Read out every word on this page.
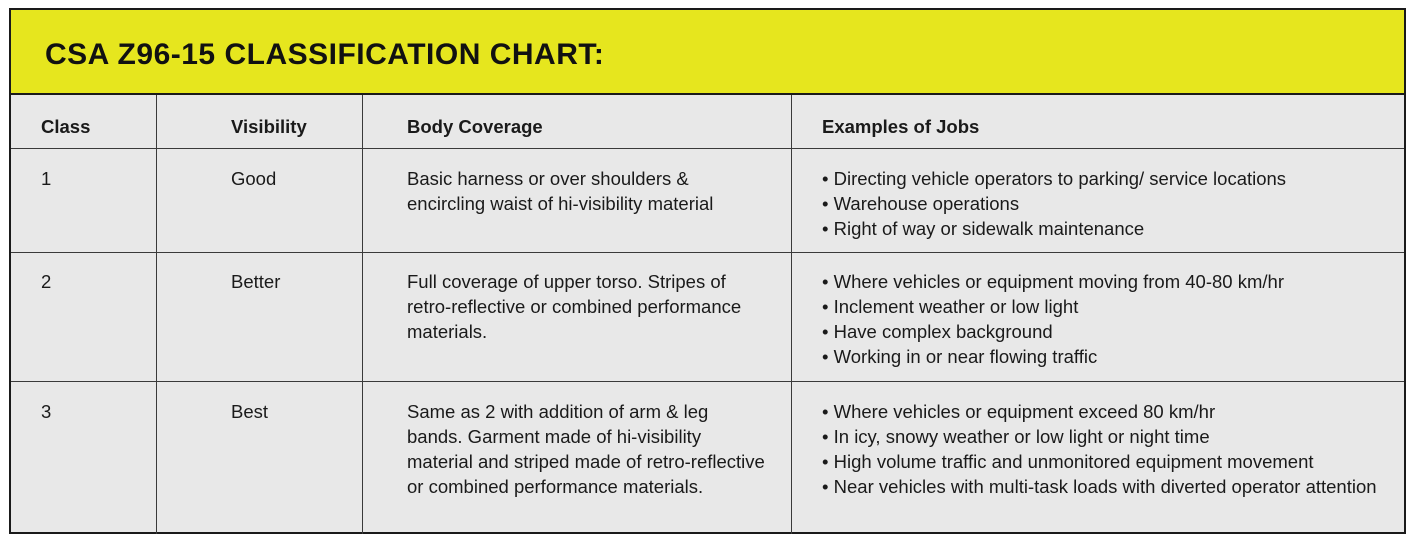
CSA Z96-15 CLASSIFICATION CHART:
Class	Visibility	Body Coverage	Examples of Jobs
1	Good	Basic harness or over shoulders & encircling waist of hi-visibility material
• Directing vehicle operators to parking/ service locations
• Warehouse operations
• Right of way or sidewalk maintenance
2	Better	Full coverage of upper torso. Stripes of retro-reflective or combined performance materials.
• Where vehicles or equipment moving from 40-80 km/hr
• Inclement weather or low light
• Have complex background
• Working in or near flowing traffic
3	Best	Same as 2 with addition of arm & leg bands. Garment made of hi-visibility material and striped made of retro-reflective or combined performance materials.
• Where vehicles or equipment exceed 80 km/hr
• In icy, snowy weather or low light or night time
• High volume traffic and unmonitored equipment movement
• Near vehicles with multi-task loads with diverted operator attention
